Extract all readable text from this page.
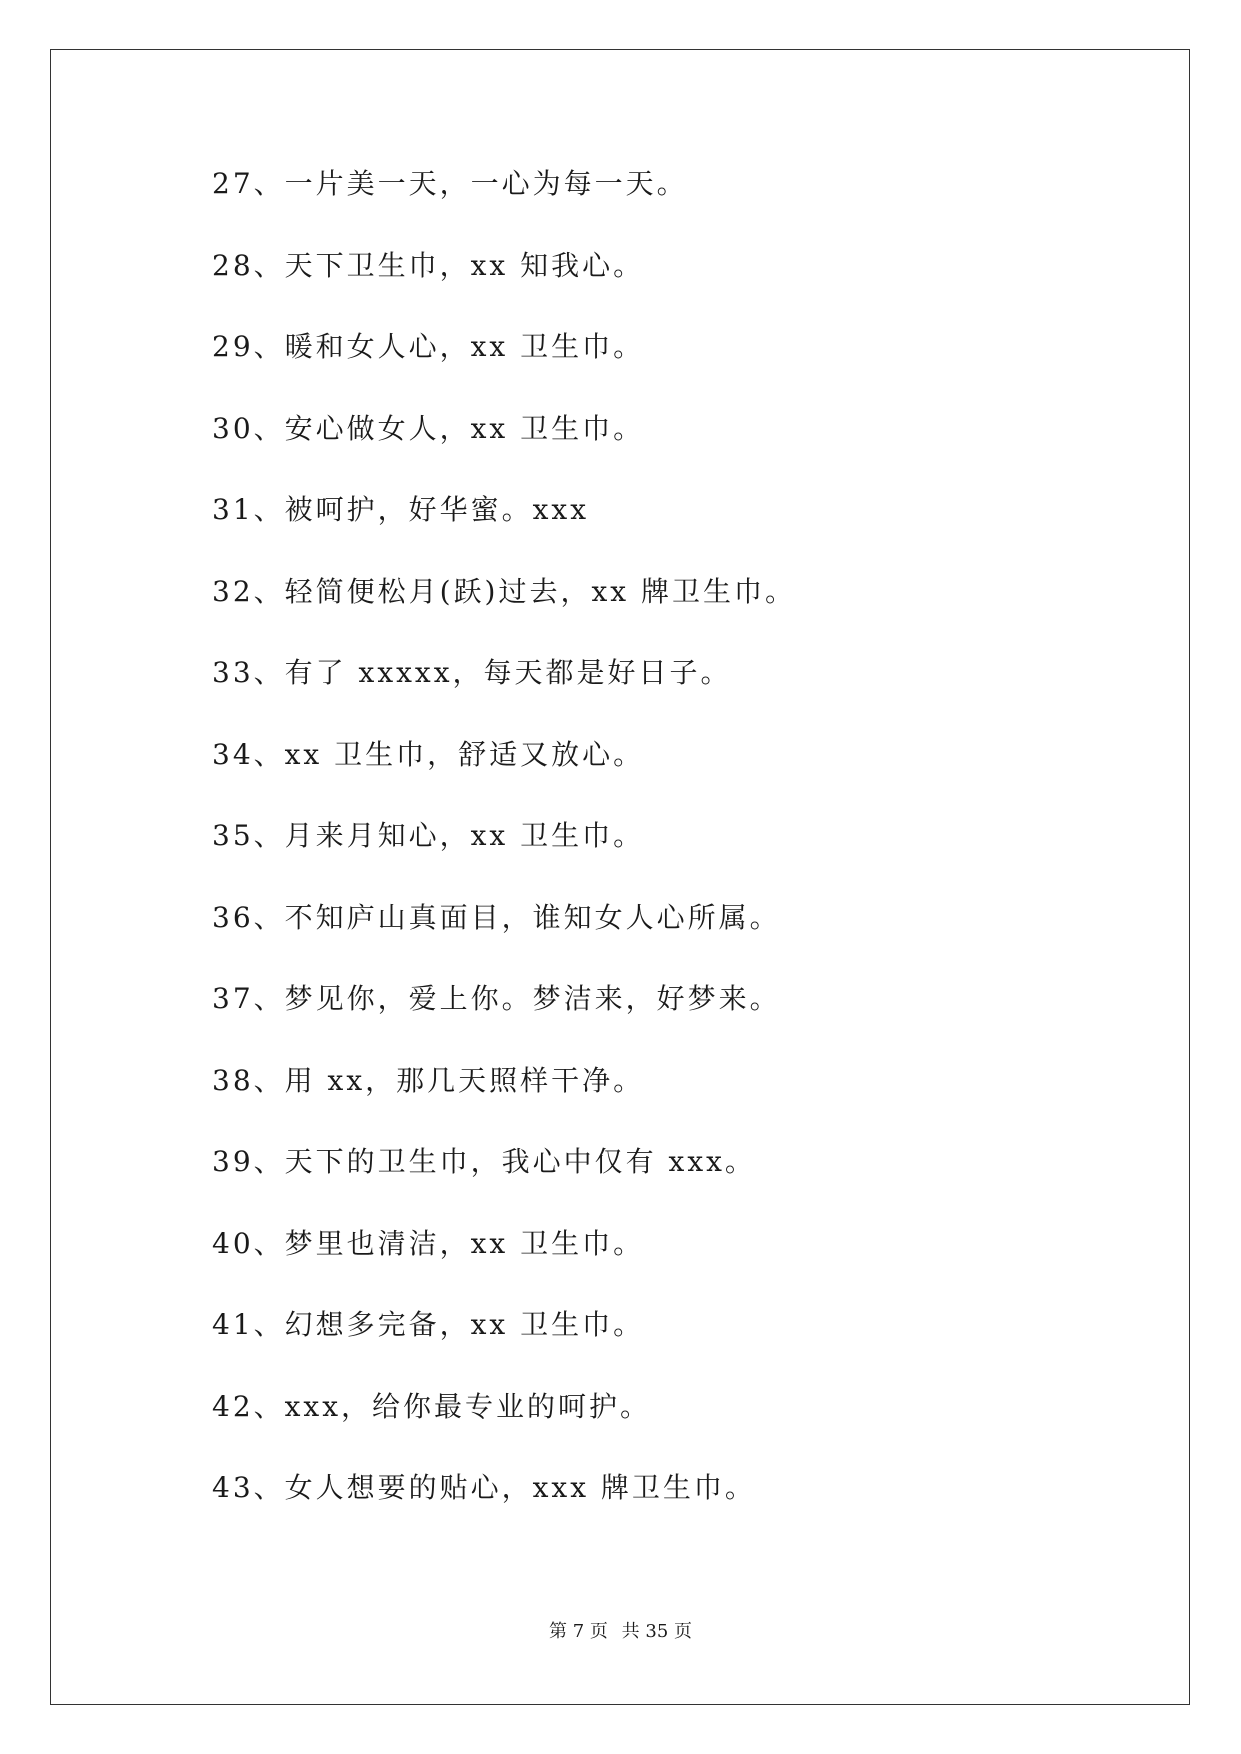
27、一片美一天，一心为每一天。
28、天下卫生巾，xx 知我心。
29、暖和女人心，xx 卫生巾。
30、安心做女人，xx 卫生巾。
31、被呵护，好华蜜。xxx
32、轻简便松月(跃)过去，xx 牌卫生巾。
33、有了 xxxxx，每天都是好日子。
34、xx 卫生巾，舒适又放心。
35、月来月知心，xx 卫生巾。
36、不知庐山真面目，谁知女人心所属。
37、梦见你，爱上你。梦洁来，好梦来。
38、用 xx，那几天照样干净。
39、天下的卫生巾，我心中仅有 xxx。
40、梦里也清洁，xx 卫生巾。
41、幻想多完备，xx 卫生巾。
42、xxx，给你最专业的呵护。
43、女人想要的贴心，xxx 牌卫生巾。
第 7 页 共 35 页
